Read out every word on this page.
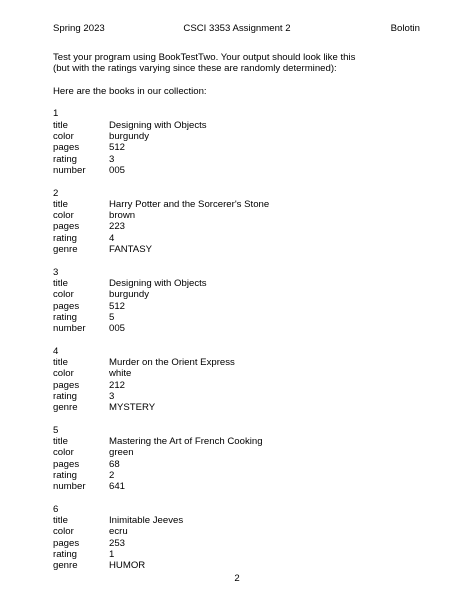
Spring 2023	CSCI 3353 Assignment 2	Bolotin
Test your program using BookTestTwo. Your output should look like this
(but with the ratings varying since these are randomly determined):
Here are the books in our collection:
1
title	Designing with Objects
color	burgundy
pages	512
rating	3
number	005
2
title	Harry Potter and the Sorcerer's Stone
color	brown
pages	223
rating	4
genre	FANTASY
3
title	Designing with Objects
color	burgundy
pages	512
rating	5
number	005
4
title	Murder on the Orient Express
color	white
pages	212
rating	3
genre	MYSTERY
5
title	Mastering the Art of French Cooking
color	green
pages	68
rating	2
number	641
6
title	Inimitable Jeeves
color	ecru
pages	253
rating	1
genre	HUMOR
2
